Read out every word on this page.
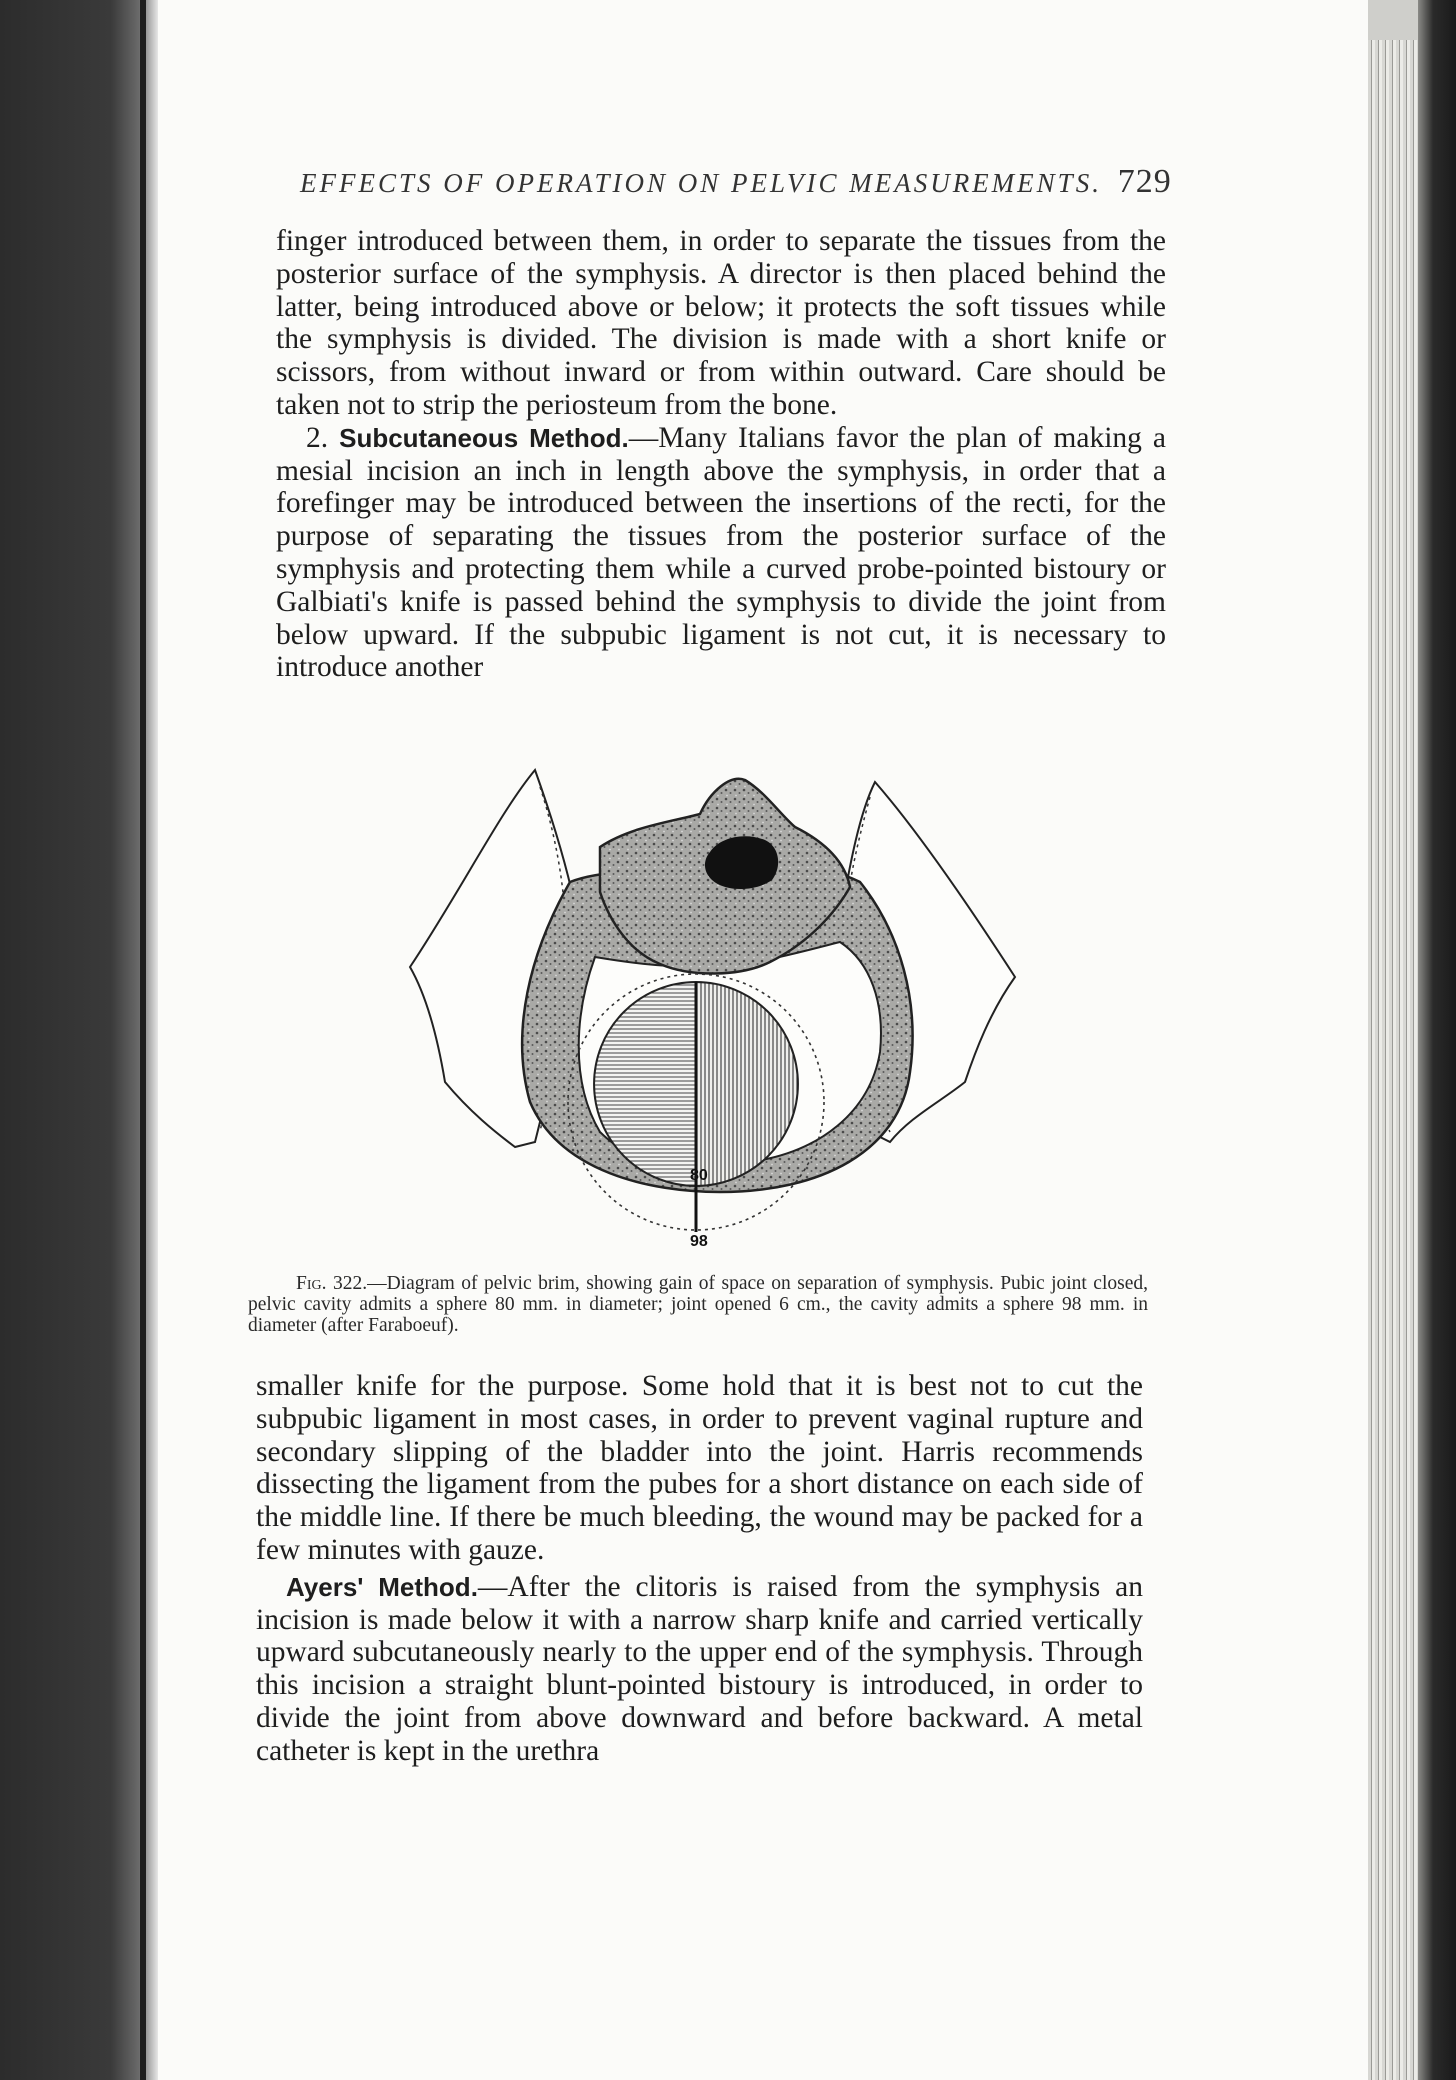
EFFECTS OF OPERATION ON PELVIC MEASUREMENTS. 729

finger introduced between them, in order to separate the tissues from the posterior surface of the symphysis. A director is then placed behind the latter, being introduced above or below; it protects the soft tissues while the symphysis is divided. The division is made with a short knife or scissors, from without inward or from within outward. Care should be taken not to strip the periosteum from the bone.

2. Subcutaneous Method.—Many Italians favor the plan of making a mesial incision an inch in length above the symphysis, in order that a forefinger may be introduced between the insertions of the recti, for the purpose of separating the tissues from the posterior surface of the symphysis and protecting them while a curved probe-pointed bistoury or Galbiati's knife is passed behind the symphysis to divide the joint from below upward. If the subpubic ligament is not cut, it is necessary to introduce another

80
98
Fig. 322.—Diagram of pelvic brim, showing gain of space on separation of symphysis. Pubic joint closed, pelvic cavity admits a sphere 80 mm. in diameter; joint opened 6 cm., the cavity admits a sphere 98 mm. in diameter (after Faraboeuf).

smaller knife for the purpose. Some hold that it is best not to cut the subpubic ligament in most cases, in order to prevent vaginal rupture and secondary slipping of the bladder into the joint. Harris recommends dissecting the ligament from the pubes for a short distance on each side of the middle line. If there be much bleeding, the wound may be packed for a few minutes with gauze.

Ayers' Method.—After the clitoris is raised from the symphysis an incision is made below it with a narrow sharp knife and carried vertically upward subcutaneously nearly to the upper end of the symphysis. Through this incision a straight blunt-pointed bistoury is introduced, in order to divide the joint from above downward and before backward. A metal catheter is kept in the urethra
